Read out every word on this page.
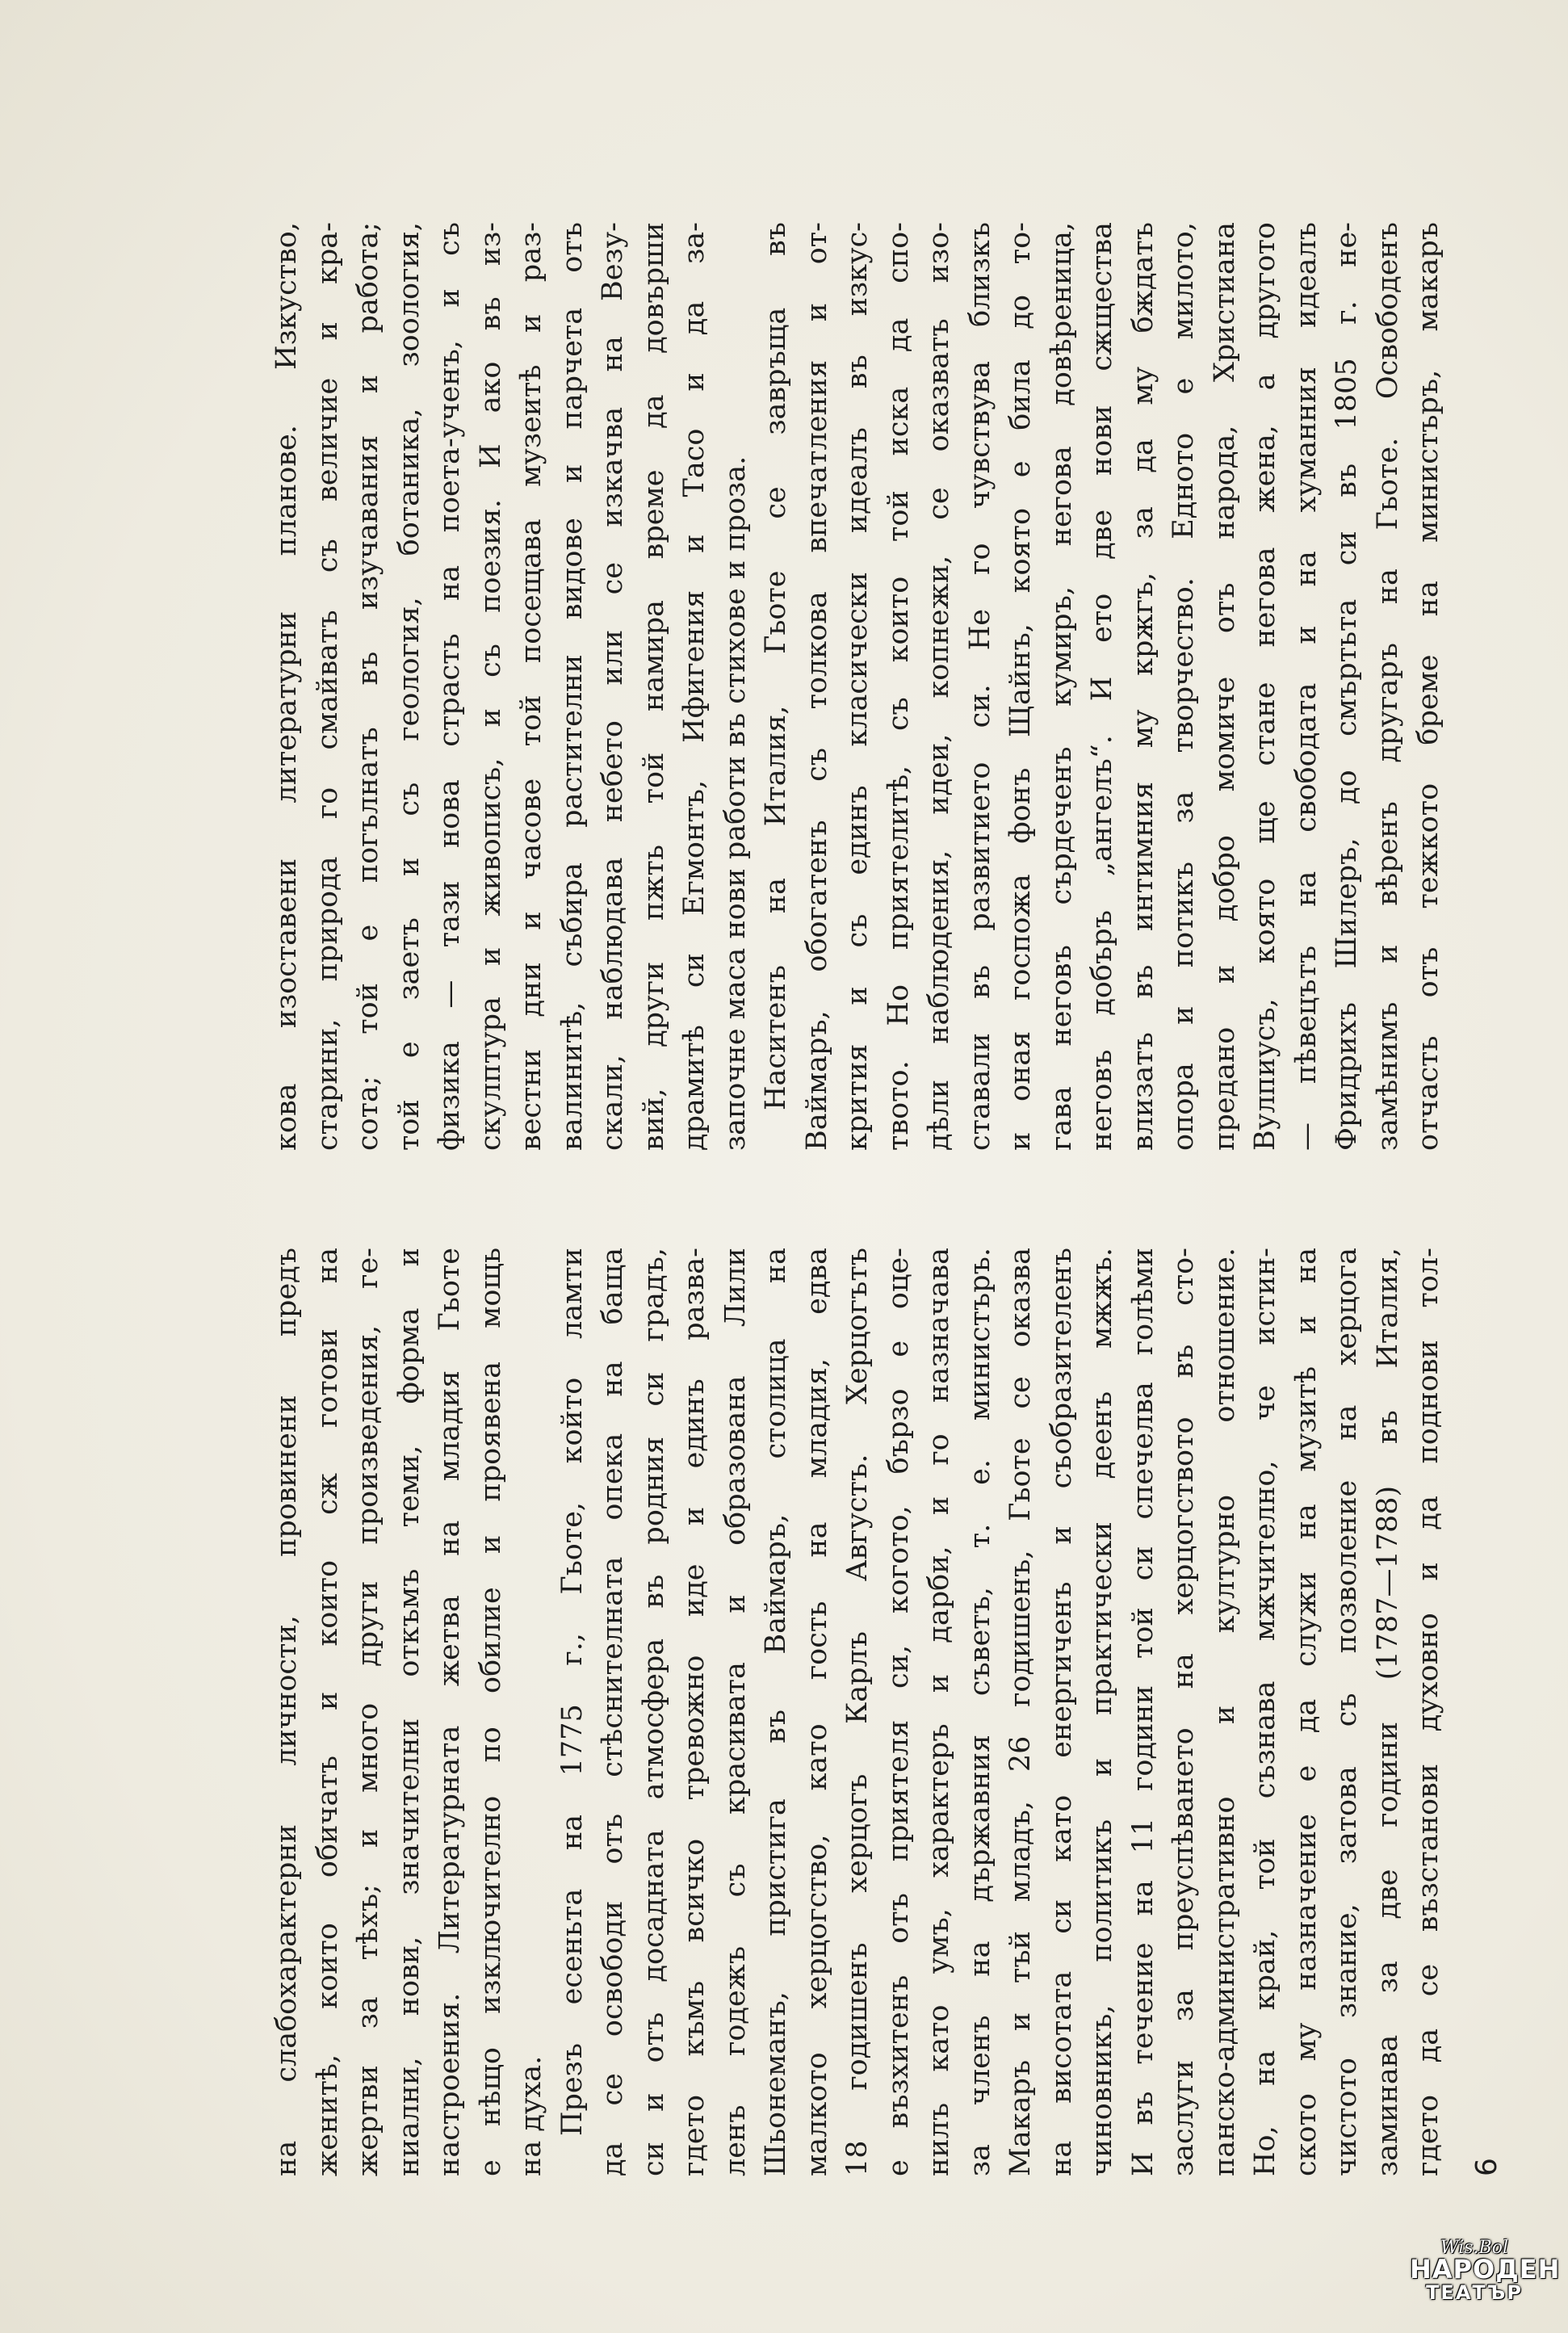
на слабохарактерни личности, провинени предъ женитѣ, които обичатъ и които сж готови на жертви за тѣхъ; и много други произведения, ге- ниални, нови, значителни откъмъ теми, форма и настроения. Литературната жетва на младия Гьоте е нѣщо изключително по обилие и проявена мощь на духа. Презъ есеньта на 1775 г., Гьоте, който ламти да се освободи отъ стѣснителната опека на баща си и отъ досадната атмосфера въ родния си градъ, гдето къмъ всичко тревожно иде и единъ разва- ленъ годежъ съ красивата и образована Лили Шьонеманъ, пристига въ Ваймаръ, столица на малкото херцогство, като гость на младия, едва 18 годишенъ херцогъ Карлъ Августъ. Херцогътъ е възхитенъ отъ приятеля си, когото, бързо е оце- нилъ като умъ, характеръ и дарби, и го назначава за членъ на държавния съветъ, т. е. министъръ. Макаръ и тъй младъ, 26 годишенъ, Гьоте се оказва на висотата си като енергиченъ и съобразителенъ чиновникъ, политикъ и практически деенъ мжжъ. И въ течение на 11 години той си спечелва голѣми заслуги за преуспѣването на херцогството въ сто- панско-административно и културно отношение. Но, на край, той съзнава мжчително, че истин- ското му назначение е да служи на музитѣ и на чистото знание, затова съ позволение на херцога заминава за две години (1787—1788) въ Италия, гдето да се възстанови духовно и да поднови тол- 6
кова изоставени литературни планове. Изкуство, старини, природа го смайватъ съ величие и кра- сота; той е погълнатъ въ изучавания и работа; той е заетъ и съ геология, ботаника, зоология, физика — тази нова страсть на поета-ученъ, и съ скулптура и живописъ, и съ поезия. И ако въ из- вестни дни и часове той посещава музеитѣ и раз- валинитѣ, събира растителни видове и парчета отъ скали, наблюдава небето или се изкачва на Везу- вий, други пжть той намира време да довърши драмитѣ си Егмонтъ, Ифигения и Тасо и да за- започне маса нови работи въ стихове и проза. Наситенъ на Италия, Гьоте се завръща въ Ваймаръ, обогатенъ съ толкова впечатления и от- крития и съ единъ класически идеалъ въ изкус- твото. Но приятелитѣ, съ които той иска да спо- дѣли наблюдения, идеи, копнежи, се оказватъ изо- ставали въ развитието си. Не го чувствува близкъ и оная госпожа фонъ Щайнъ, която е била до то- гава неговъ сърдеченъ кумиръ, негова довѣреница, неговъ добъръ „ангелъ“. И ето две нови сжщества влизатъ въ интимния му кржгъ, за да му бждатъ опора и потикъ за творчество. Едното е милото, предано и добро момиче отъ народа, Христиана Вулпиусъ, която ще стане негова жена, а другото — пѣвецътъ на свободата и на хуманния идеалъ Фридрихъ Шилеръ, до смъртьта си въ 1805 г. не- замѣнимъ и вѣренъ другаръ на Гьоте. Освободенъ отчасть отъ тежкото бреме на министъръ, макаръ
Wis.Bol
НАРОДЕН
ТЕАТЪР
